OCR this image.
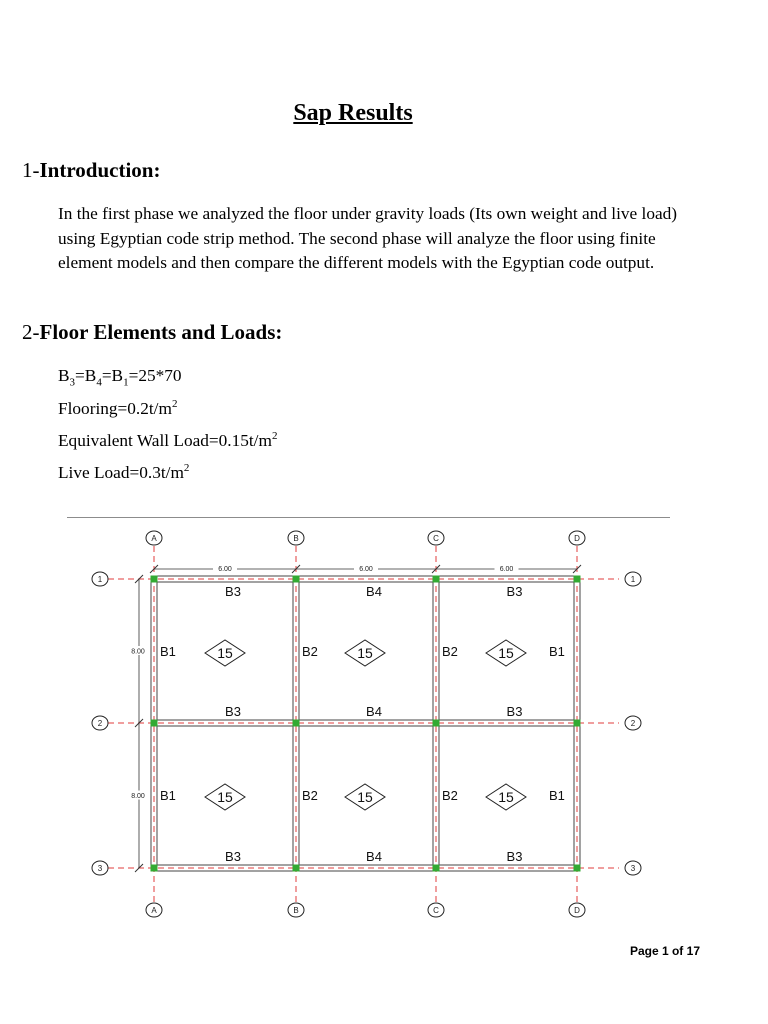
Sap Results
1-Introduction:
In the first phase we analyzed the floor under gravity loads (Its own weight and live load) using Egyptian code strip method. The second phase will analyze the floor using finite element models and then compare the different models with the Egyptian code output.
2-Floor Elements and Loads:
$B_3=B_4=B_1=25*70$
$Flooring=0.2t/m^2$
Equivalent Wall $Load=0.15t/m^2$
Live $Load=0.3t/m^2$
A
A
B
B
C
C
D
D
1	1
2	2
3	3
6.00	6.00	6.00
8.00
8.00
B3	B4	B3
B3	B4	B3
B3	B4	B3
B1	B2	B2	B1
B1	B2	B2	B1
15	15	15
15	15	15
Page 1 of 17
